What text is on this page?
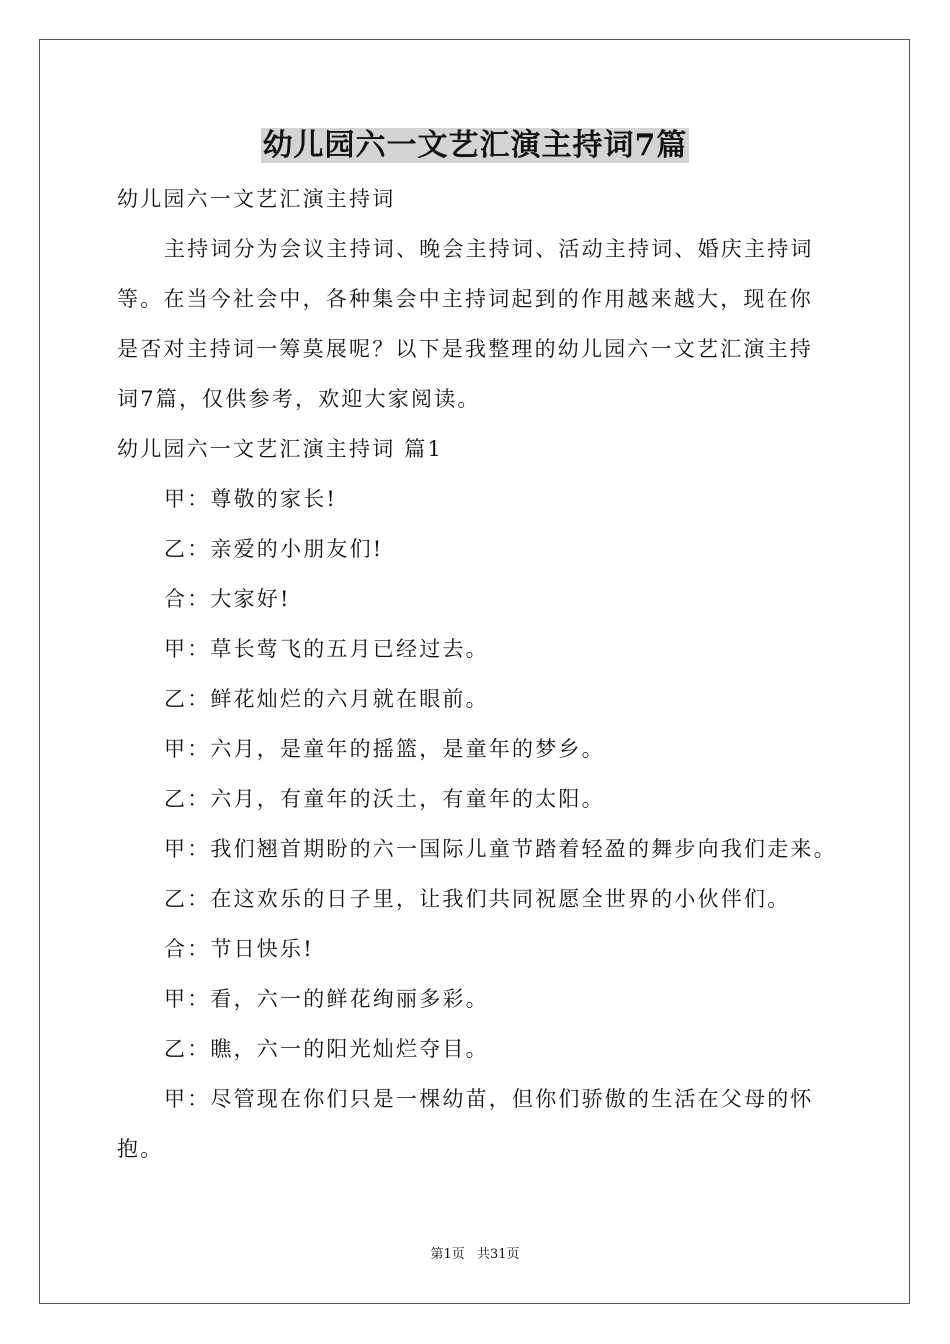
幼儿园六一文艺汇演主持词7篇
幼儿园六一文艺汇演主持词
主持词分为会议主持词、晚会主持词、活动主持词、婚庆主持词
等。在当今社会中，各种集会中主持词起到的作用越来越大，现在你
是否对主持词一筹莫展呢？以下是我整理的幼儿园六一文艺汇演主持
词7篇，仅供参考，欢迎大家阅读。
幼儿园六一文艺汇演主持词 篇1
甲：尊敬的家长!
乙：亲爱的小朋友们!
合：大家好!
甲：草长莺飞的五月已经过去。
乙：鲜花灿烂的六月就在眼前。
甲：六月，是童年的摇篮，是童年的梦乡。
乙：六月，有童年的沃土，有童年的太阳。
甲：我们翘首期盼的六一国际儿童节踏着轻盈的舞步向我们走来。
乙：在这欢乐的日子里，让我们共同祝愿全世界的小伙伴们。
合：节日快乐!
甲：看，六一的鲜花绚丽多彩。
乙：瞧，六一的阳光灿烂夺目。
甲：尽管现在你们只是一棵幼苗，但你们骄傲的生活在父母的怀
抱。
第1页 共31页
